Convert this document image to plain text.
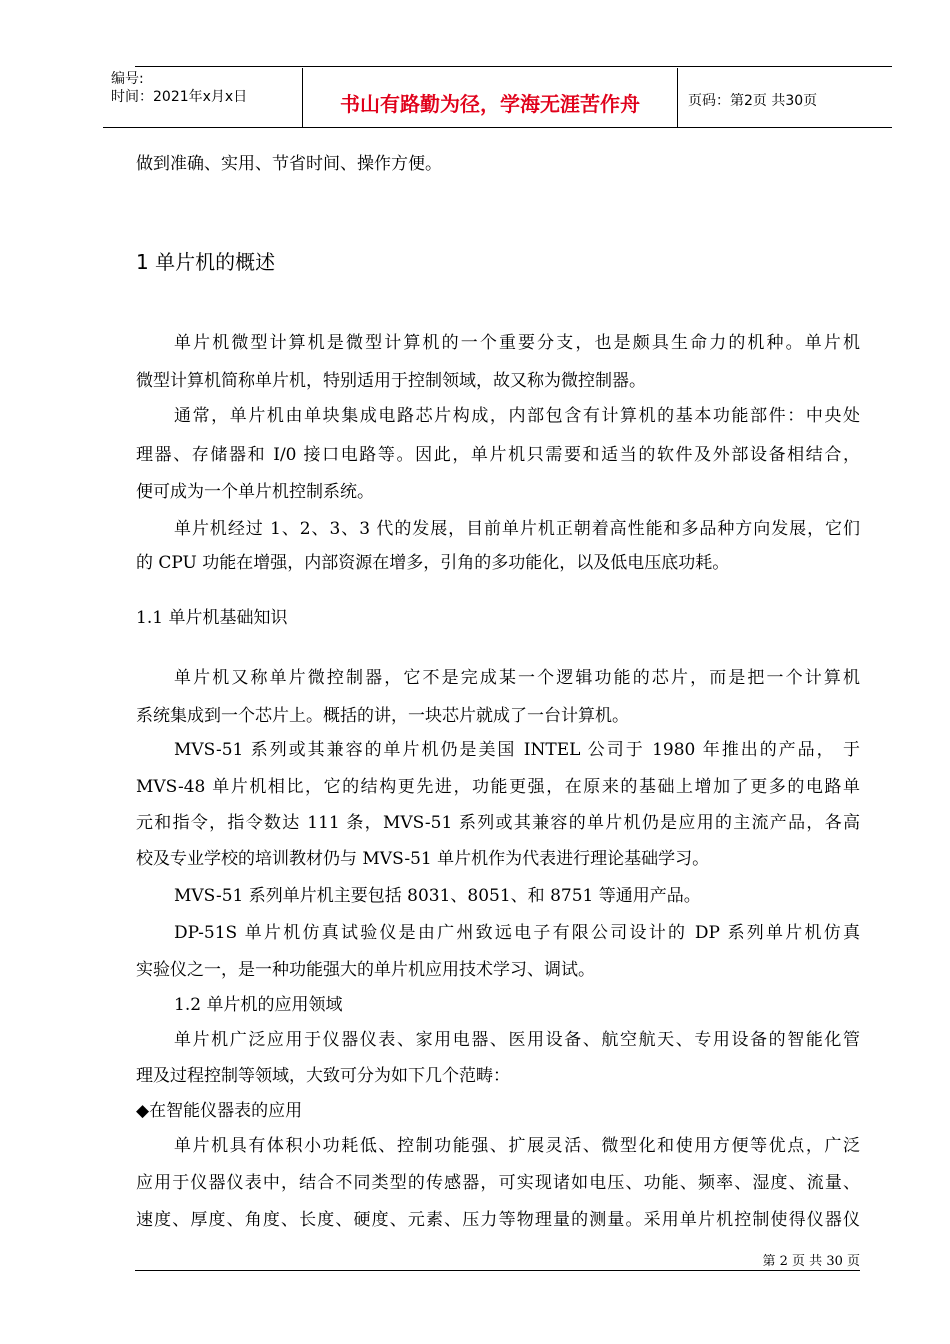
编号:
时间：2021年x月x日	书山有路勤为径，学海无涯苦作舟	页码：第2页 共30页
做到准确、实用、节省时间、操作方便。
1 单片机的概述
单片机微型计算机是微型计算机的一个重要分支，也是颇具生命力的机种。单片机
微型计算机简称单片机，特别适用于控制领域，故又称为微控制器。
通常，单片机由单块集成电路芯片构成，内部包含有计算机的基本功能部件：中央处
理器、存储器和 I/0 接口电路等。因此，单片机只需要和适当的软件及外部设备相结合，
便可成为一个单片机控制系统。
单片机经过 1、2、3、3 代的发展，目前单片机正朝着高性能和多品种方向发展，它们
的 CPU 功能在增强，内部资源在增多，引角的多功能化，以及低电压底功耗。
1.1 单片机基础知识
单片机又称单片微控制器，它不是完成某一个逻辑功能的芯片，而是把一个计算机
系统集成到一个芯片上。概括的讲，一块芯片就成了一台计算机。
MVS-51 系列或其兼容的单片机仍是美国 INTEL 公司于 1980 年推出的产品， 于
MVS-48 单片机相比，它的结构更先进，功能更强，在原来的基础上增加了更多的电路单
元和指令，指令数达 111 条，MVS-51 系列或其兼容的单片机仍是应用的主流产品，各高
校及专业学校的培训教材仍与 MVS-51 单片机作为代表进行理论基础学习。
MVS-51 系列单片机主要包括 8031、8051、和 8751 等通用产品。
DP-51S 单片机仿真试验仪是由广州致远电子有限公司设计的 DP 系列单片机仿真
实验仪之一，是一种功能强大的单片机应用技术学习、调试。
1.2 单片机的应用领域
单片机广泛应用于仪器仪表、家用电器、医用设备、航空航天、专用设备的智能化管
理及过程控制等领域，大致可分为如下几个范畴：
◆在智能仪器表的应用
单片机具有体积小功耗低、控制功能强、扩展灵活、微型化和使用方便等优点，广泛
应用于仪器仪表中，结合不同类型的传感器，可实现诸如电压、功能、频率、湿度、流量、
速度、厚度、角度、长度、硬度、元素、压力等物理量的测量。采用单片机控制使得仪器仪
第 2 页 共 30 页
